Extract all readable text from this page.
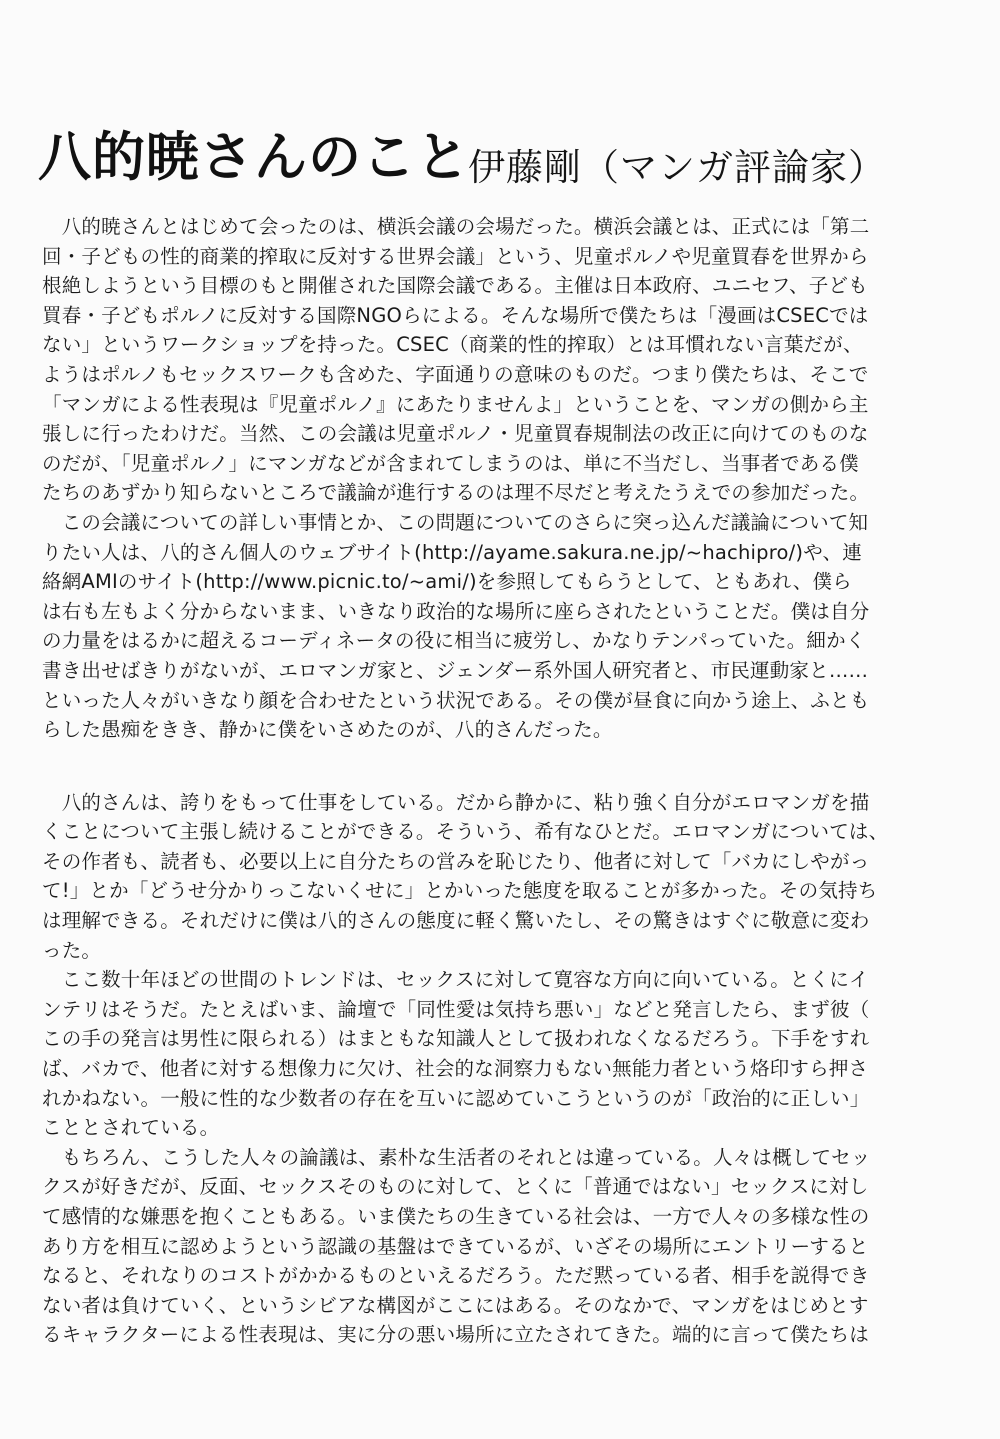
八的暁さんのこと
伊藤剛（マンガ評論家）
　八的暁さんとはじめて会ったのは、横浜会議の会場だった。横浜会議とは、正式には「第二
回・子どもの性的商業的搾取に反対する世界会議」という、児童ポルノや児童買春を世界から
根絶しようという目標のもと開催された国際会議である。主催は日本政府、ユニセフ、子ども
買春・子どもポルノに反対する国際NGOらによる。そんな場所で僕たちは「漫画はCSECでは
ない」というワークショップを持った。CSEC（商業的性的搾取）とは耳慣れない言葉だが、
ようはポルノもセックスワークも含めた、字面通りの意味のものだ。つまり僕たちは、そこで
「マンガによる性表現は『児童ポルノ』にあたりませんよ」ということを、マンガの側から主
張しに行ったわけだ。当然、この会議は児童ポルノ・児童買春規制法の改正に向けてのものな
のだが、「児童ポルノ」にマンガなどが含まれてしまうのは、単に不当だし、当事者である僕
たちのあずかり知らないところで議論が進行するのは理不尽だと考えたうえでの参加だった。
　この会議についての詳しい事情とか、この問題についてのさらに突っ込んだ議論について知
りたい人は、八的さん個人のウェブサイト(http://ayame.sakura.ne.jp/~hachipro/)や、連
絡網AMIのサイト(http://www.picnic.to/~ami/)を参照してもらうとして、ともあれ、僕ら
は右も左もよく分からないまま、いきなり政治的な場所に座らされたということだ。僕は自分
の力量をはるかに超えるコーディネータの役に相当に疲労し、かなりテンパっていた。細かく
書き出せばきりがないが、エロマンガ家と、ジェンダー系外国人研究者と、市民運動家と……
といった人々がいきなり顔を合わせたという状況である。その僕が昼食に向かう途上、ふとも
らした愚痴をきき、静かに僕をいさめたのが、八的さんだった。
　八的さんは、誇りをもって仕事をしている。だから静かに、粘り強く自分がエロマンガを描
くことについて主張し続けることができる。そういう、希有なひとだ。エロマンガについては、
その作者も、読者も、必要以上に自分たちの営みを恥じたり、他者に対して「バカにしやがっ
て!」とか「どうせ分かりっこないくせに」とかいった態度を取ることが多かった。その気持ち
は理解できる。それだけに僕は八的さんの態度に軽く驚いたし、その驚きはすぐに敬意に変わ
った。
　ここ数十年ほどの世間のトレンドは、セックスに対して寛容な方向に向いている。とくにイ
ンテリはそうだ。たとえばいま、論壇で「同性愛は気持ち悪い」などと発言したら、まず彼（
この手の発言は男性に限られる）はまともな知識人として扱われなくなるだろう。下手をすれ
ば、バカで、他者に対する想像力に欠け、社会的な洞察力もない無能力者という烙印すら押さ
れかねない。一般に性的な少数者の存在を互いに認めていこうというのが「政治的に正しい」
こととされている。
　もちろん、こうした人々の論議は、素朴な生活者のそれとは違っている。人々は概してセッ
クスが好きだが、反面、セックスそのものに対して、とくに「普通ではない」セックスに対し
て感情的な嫌悪を抱くこともある。いま僕たちの生きている社会は、一方で人々の多様な性の
あり方を相互に認めようという認識の基盤はできているが、いざその場所にエントリーすると
なると、それなりのコストがかかるものといえるだろう。ただ黙っている者、相手を説得でき
ない者は負けていく、というシビアな構図がここにはある。そのなかで、マンガをはじめとす
るキャラクターによる性表現は、実に分の悪い場所に立たされてきた。端的に言って僕たちは
